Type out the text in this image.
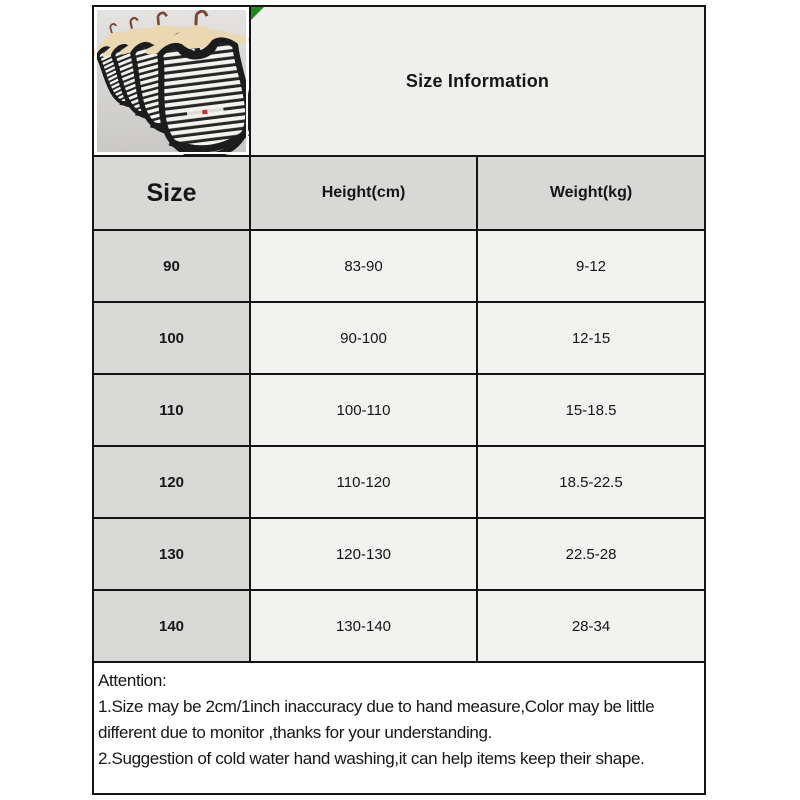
Size Information
Size	Height(cm)	Weight(kg)
90	83-90	9-12
100	90-100	12-15
110	100-110	15-18.5
120	110-120	18.5-22.5
130	120-130	22.5-28
140	130-140	28-34
Attention:
1.Size may be 2cm/1inch inaccuracy due to hand measure,Color may be little different due to monitor ,thanks for your understanding.
2.Suggestion of cold water hand washing,it can help items keep their shape.
